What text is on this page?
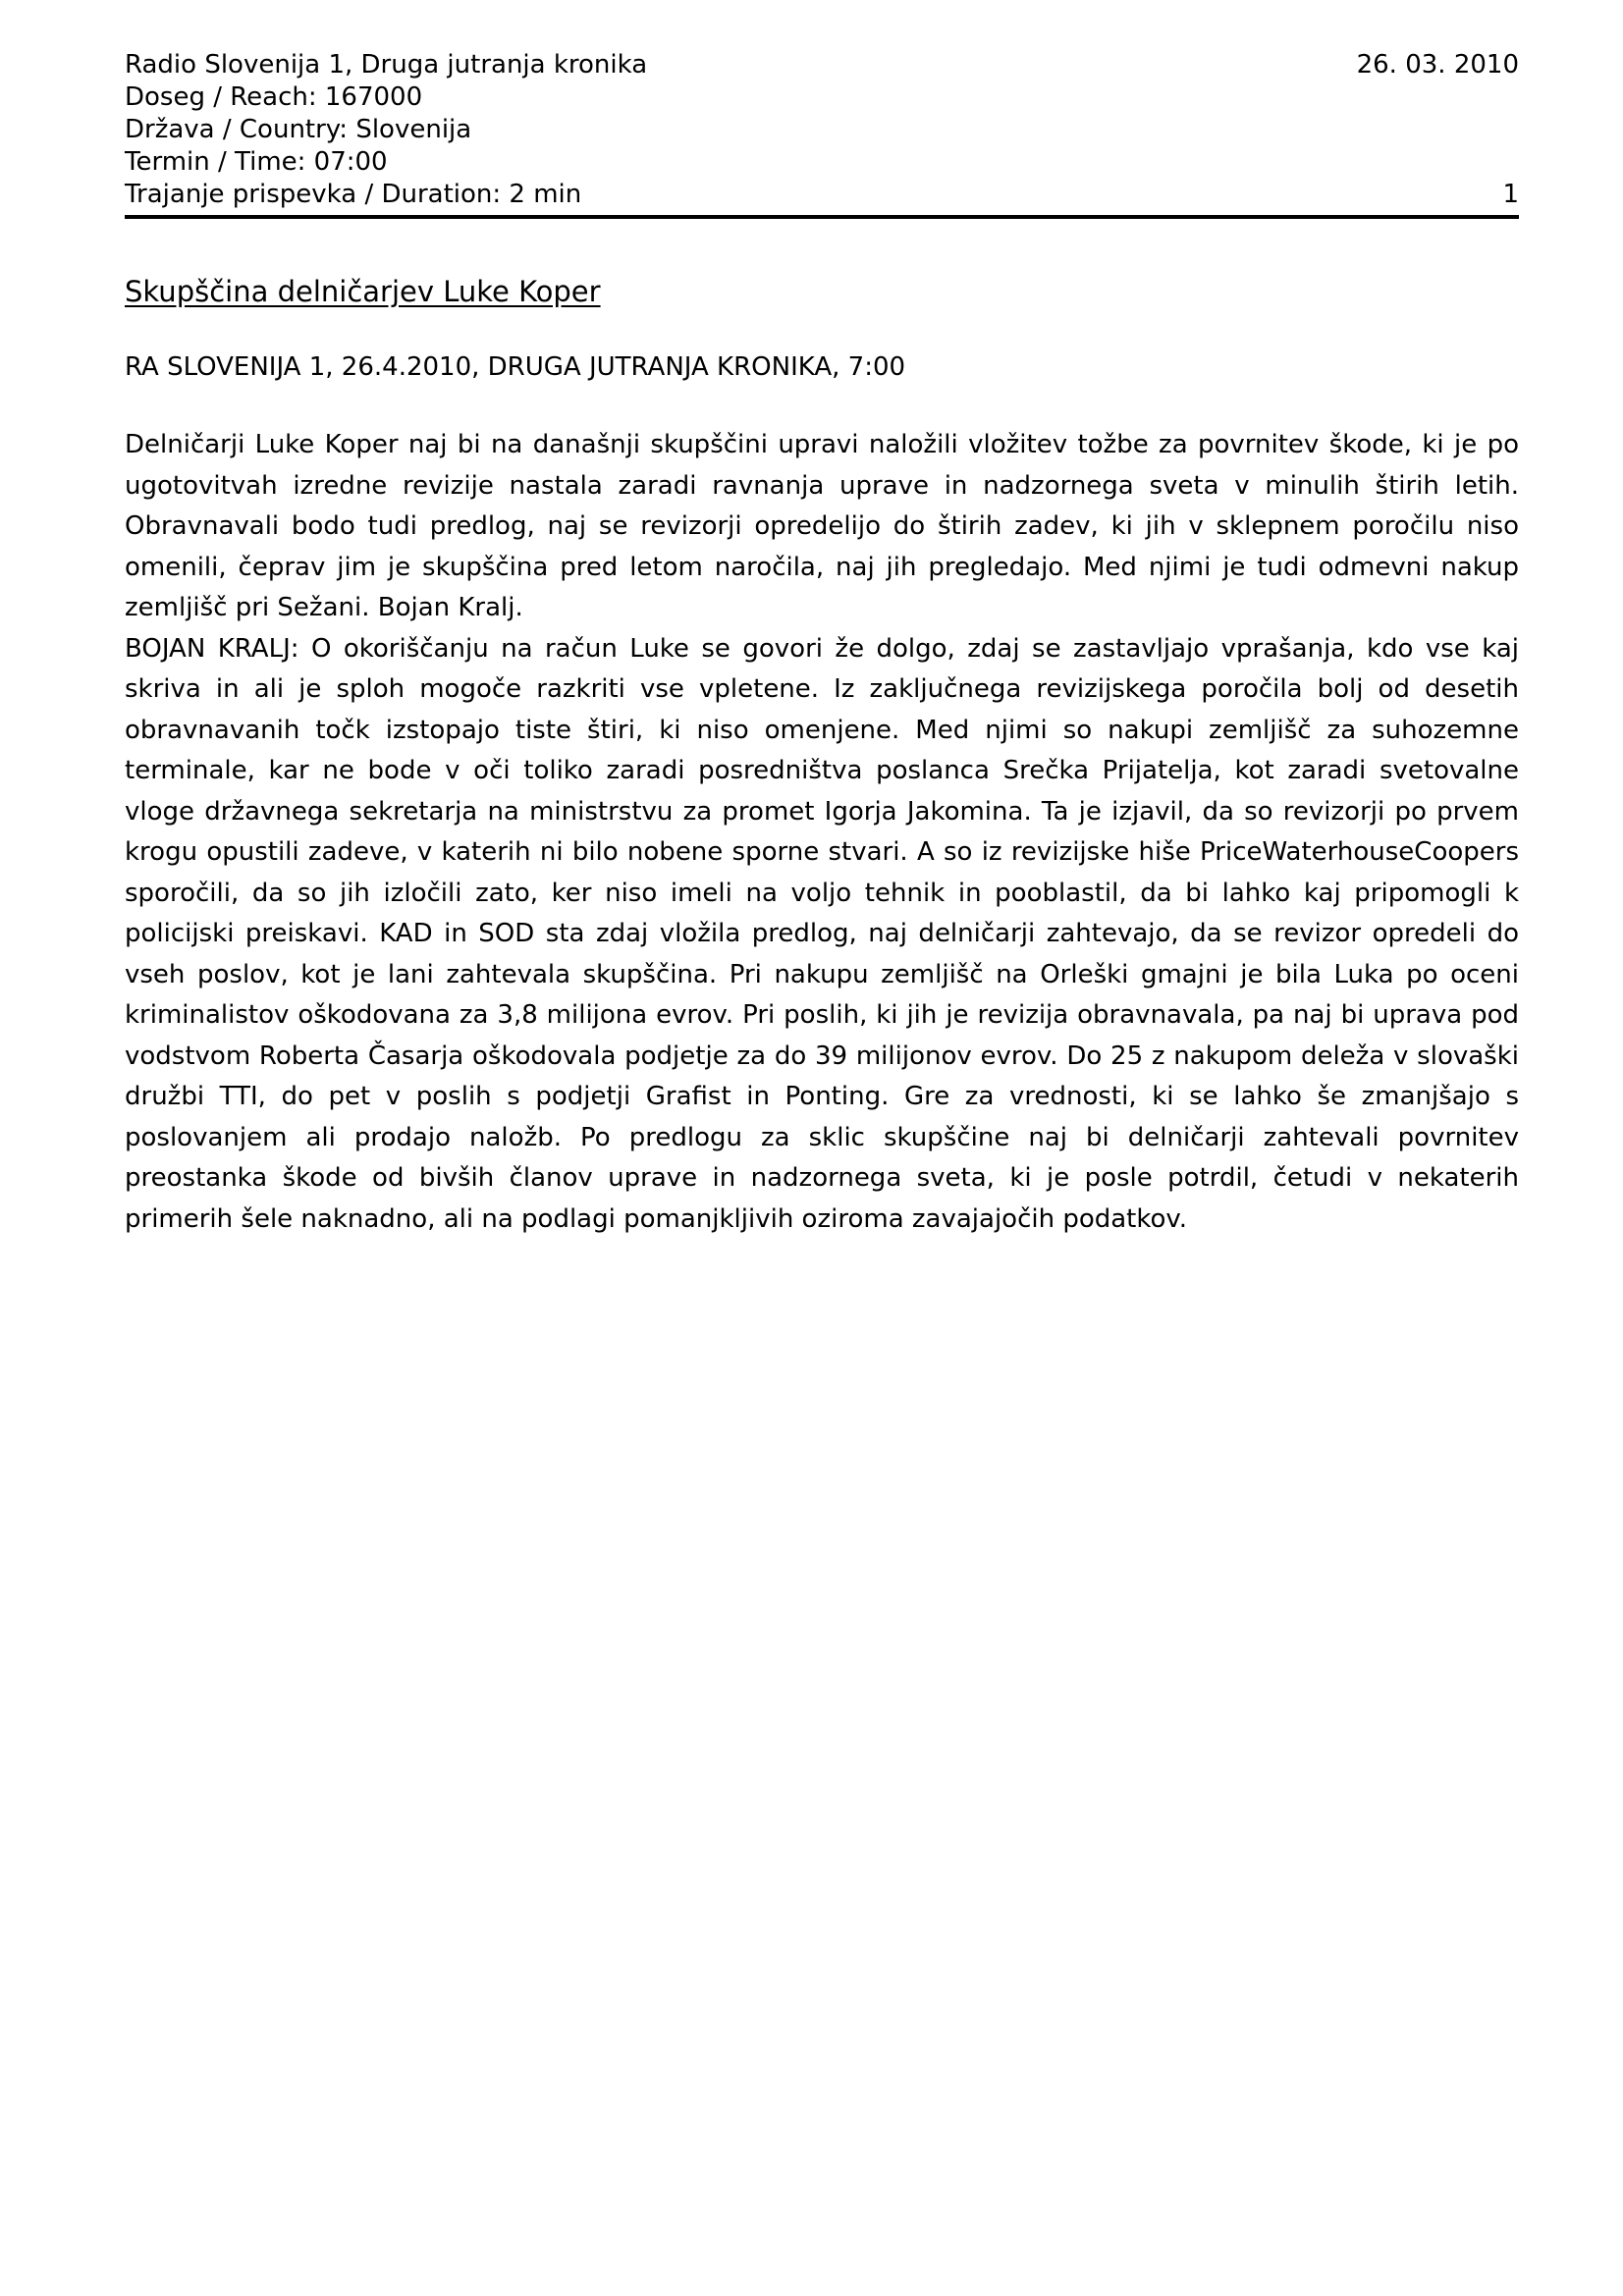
Radio Slovenija 1, Druga jutranja kronika	26. 03. 2010
Doseg / Reach: 167000
Država / Country: Slovenija
Termin / Time: 07:00
Trajanje prispevka / Duration: 2 min	1
Skupščina delničarjev Luke Koper
RA SLOVENIJA 1, 26.4.2010, DRUGA JUTRANJA KRONIKA, 7:00

Delničarji Luke Koper naj bi na današnji skupščini upravi naložili vložitev tožbe za povrnitev škode, ki je po ugotovitvah izredne revizije nastala zaradi ravnanja uprave in nadzornega sveta v minulih štirih letih. Obravnavali bodo tudi predlog, naj se revizorji opredelijo do štirih zadev, ki jih v sklepnem poročilu niso omenili, čeprav jim je skupščina pred letom naročila, naj jih pregledajo. Med njimi je tudi odmevni nakup zemljišč pri Sežani. Bojan Kralj.

BOJAN KRALJ: O okoriščanju na račun Luke se govori že dolgo, zdaj se zastavljajo vprašanja, kdo vse kaj skriva in ali je sploh mogoče razkriti vse vpletene. Iz zaključnega revizijskega poročila bolj od desetih obravnavanih točk izstopajo tiste štiri, ki niso omenjene. Med njimi so nakupi zemljišč za suhozemne terminale, kar ne bode v oči toliko zaradi posredništva poslanca Srečka Prijatelja, kot zaradi svetovalne vloge državnega sekretarja na ministrstvu za promet Igorja Jakomina. Ta je izjavil, da so revizorji po prvem krogu opustili zadeve, v katerih ni bilo nobene sporne stvari. A so iz revizijske hiše PriceWaterhouseCoopers sporočili, da so jih izločili zato, ker niso imeli na voljo tehnik in pooblastil, da bi lahko kaj pripomogli k policijski preiskavi. KAD in SOD sta zdaj vložila predlog, naj delničarji zahtevajo, da se revizor opredeli do vseh poslov, kot je lani zahtevala skupščina. Pri nakupu zemljišč na Orleški gmajni je bila Luka po oceni kriminalistov oškodovana za 3,8 milijona evrov. Pri poslih, ki jih je revizija obravnavala, pa naj bi uprava pod vodstvom Roberta Časarja oškodovala podjetje za do 39 milijonov evrov. Do 25 z nakupom deleža v slovaški družbi TTI, do pet v poslih s podjetji Grafist in Ponting. Gre za vrednosti, ki se lahko še zmanjšajo s poslovanjem ali prodajo naložb. Po predlogu za sklic skupščine naj bi delničarji zahtevali povrnitev preostanka škode od bivših članov uprave in nadzornega sveta, ki je posle potrdil, četudi v nekaterih primerih šele naknadno, ali na podlagi pomanjkljivih oziroma zavajajočih podatkov.
